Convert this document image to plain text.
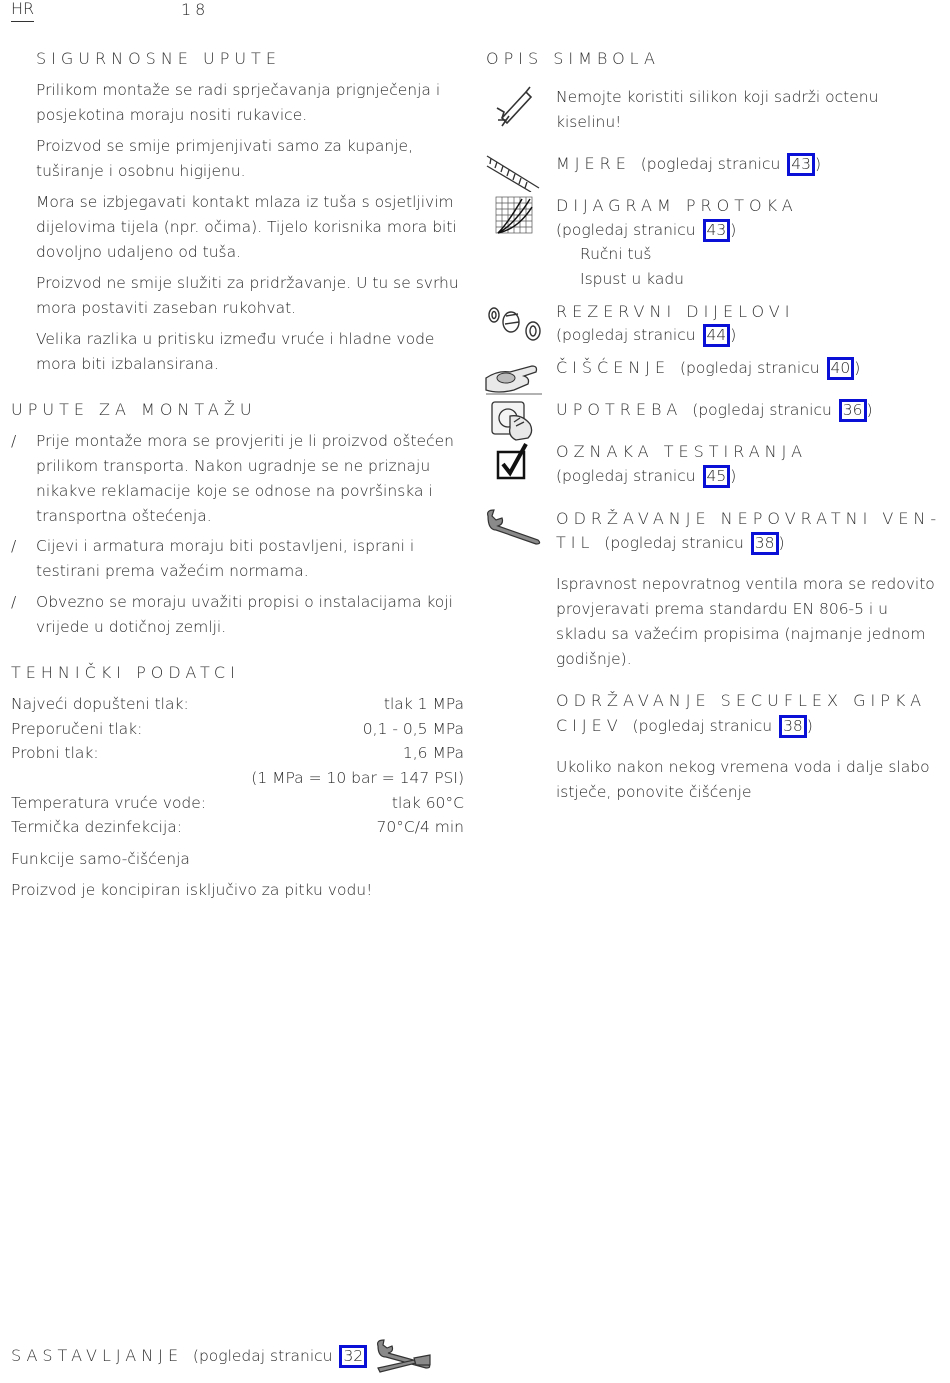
HR	18
SIGURNOSNE UPUTE

Prilikom montaže se radi sprječavanja prignječenja i posjekotina moraju nositi rukavice.

Proizvod se smije primjenjivati samo za kupanje, tuširanje i osobnu higijenu.

Mora se izbjegavati kontakt mlaza iz tuša s osjetljivim dijelovima tijela (npr. očima). Tijelo korisnika mora biti dovoljno udaljeno od tuša.

Proizvod ne smije služiti za pridržavanje. U tu se svrhu mora postaviti zaseban rukohvat.

Velika razlika u pritisku između vruće i hladne vode mora biti izbalansirana.

UPUTE ZA MONTAŽU
/ Prije montaže mora se provjeriti je li proizvod oštećen prilikom transporta. Nakon ugradnje se ne priznaju nikakve reklamacije koje se odnose na površinska i transportna oštećenja.
/ Cijevi i armatura moraju biti postavljeni, isprani i testirani prema važećim normama.
/ Obvezno se moraju uvažiti propisi o instalacijama koji vrijede u dotičnoj zemlji.
TEHNIČKI PODATCI
Najveći dopušteni tlak:	tlak 1 MPa
Preporučeni tlak:	0,1 - 0,5 MPa
Probni tlak:	1,6 MPa
(1 MPa = 10 bar = 147 PSI)
Temperatura vruće vode:	tlak 60°C
Termička dezinfekcija:	70°C/4 min
Funkcije samo-čišćenja
Proizvod je koncipiran isključivo za pitku vodu!
OPIS SIMBOLA
Nemojte koristiti silikon koji sadrži octenu kiselinu!
MJERE (pogledaj stranicu 43 )
DIJAGRAM PROTOKA
(pogledaj stranicu 43 )
Ručni tuš
Ispust u kadu
REZERVNI DIJELOVI
(pogledaj stranicu 44 )
ČIŠĆENJE (pogledaj stranicu 40 )
UPOTREBA (pogledaj stranicu 36 )
OZNAKA TESTIRANJA
(pogledaj stranicu 45 )
ODRŽAVANJE NEPOVRATNI VEN-
TIL (pogledaj stranicu 38 )

Ispravnost nepovratnog ventila mora se redovito provjeravati prema standardu EN 806-5 i u skladu sa važećim propisima (najmanje jednom godišnje).

ODRŽAVANJE SECUFLEX GIPKA
CIJEV (pogledaj stranicu 38 )

Ukoliko nakon nekog vremena voda i dalje slabo istječe, ponovite čišćenje

SASTAVLJANJE (pogledaj stranicu 32
